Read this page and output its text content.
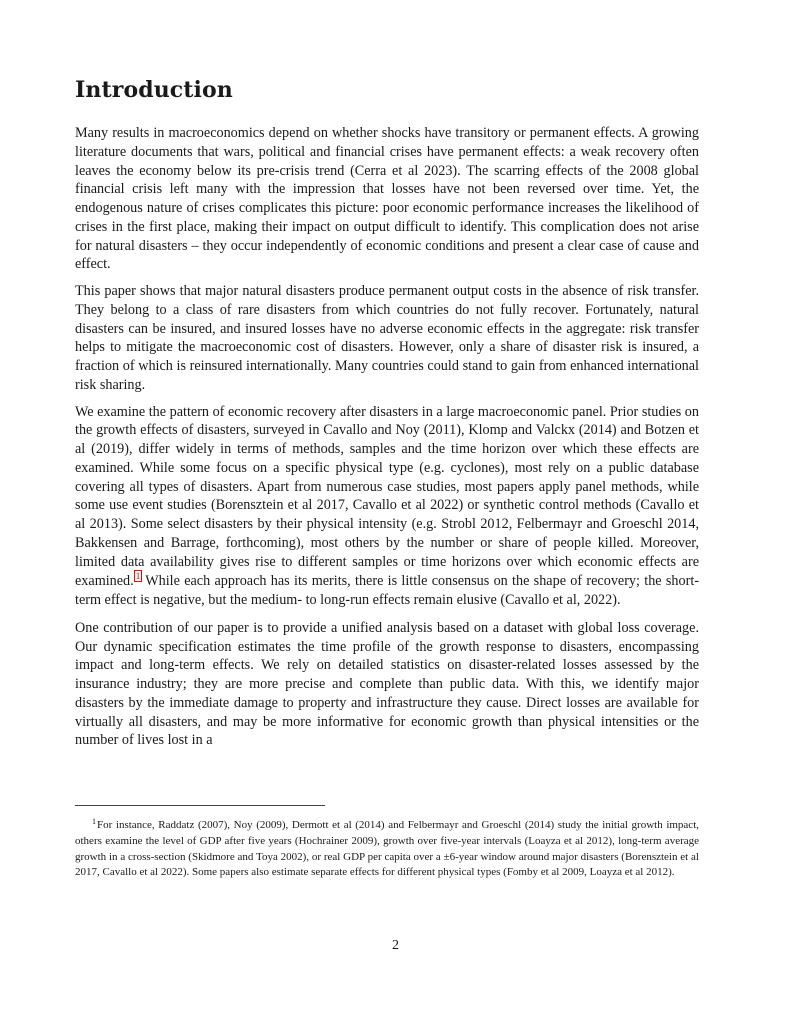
Introduction

Many results in macroeconomics depend on whether shocks have transitory or permanent effects. A growing literature documents that wars, political and financial crises have permanent effects: a weak recovery often leaves the economy below its pre-crisis trend (Cerra et al 2023). The scarring effects of the 2008 global financial crisis left many with the impression that losses have not been reversed over time. Yet, the endogenous nature of crises complicates this picture: poor economic performance increases the likelihood of crises in the first place, making their impact on output difficult to identify. This complication does not arise for natural disasters – they occur independently of economic conditions and present a clear case of cause and effect.

This paper shows that major natural disasters produce permanent output costs in the absence of risk transfer. They belong to a class of rare disasters from which countries do not fully recover. Fortunately, natural disasters can be insured, and insured losses have no adverse economic effects in the aggregate: risk transfer helps to mitigate the macroeconomic cost of disasters. However, only a share of disaster risk is insured, a fraction of which is reinsured internationally. Many countries could stand to gain from enhanced international risk sharing.

We examine the pattern of economic recovery after disasters in a large macroeconomic panel. Prior studies on the growth effects of disasters, surveyed in Cavallo and Noy (2011), Klomp and Valckx (2014) and Botzen et al (2019), differ widely in terms of methods, samples and the time horizon over which these effects are examined. While some focus on a specific physical type (e.g. cyclones), most rely on a public database covering all types of disasters. Apart from numerous case studies, most papers apply panel methods, while some use event studies (Borensztein et al 2017, Cavallo et al 2022) or synthetic control methods (Cavallo et al 2013). Some select disasters by their physical intensity (e.g. Strobl 2012, Felbermayr and Groeschl 2014, Bakkensen and Barrage, forthcoming), most others by the number or share of people killed. Moreover, limited data availability gives rise to different samples or time horizons over which economic effects are examined. $^1$ While each approach has its merits, there is little consensus on the shape of recovery; the short-term effect is negative, but the medium- to long-run effects remain elusive (Cavallo et al, 2022).

One contribution of our paper is to provide a unified analysis based on a dataset with global loss coverage. Our dynamic specification estimates the time profile of the growth response to disasters, encompassing impact and long-term effects. We rely on detailed statistics on disaster-related losses assessed by the insurance industry; they are more precise and complete than public data. With this, we identify major disasters by the immediate damage to property and infrastructure they cause. Direct losses are available for virtually all disasters, and may be more informative for economic growth than physical intensities or the number of lives lost in a

$^1$For instance, Raddatz (2007), Noy (2009), Dermott et al (2014) and Felbermayr and Groeschl (2014) study the initial growth impact, others examine the level of GDP after five years (Hochrainer 2009), growth over five-year intervals (Loayza et al 2012), long-term average growth in a cross-section (Skidmore and Toya 2002), or real GDP per capita over a ±6-year window around major disasters (Borensztein et al 2017, Cavallo et al 2022). Some papers also estimate separate effects for different physical types (Fomby et al 2009, Loayza et al 2012).

2
